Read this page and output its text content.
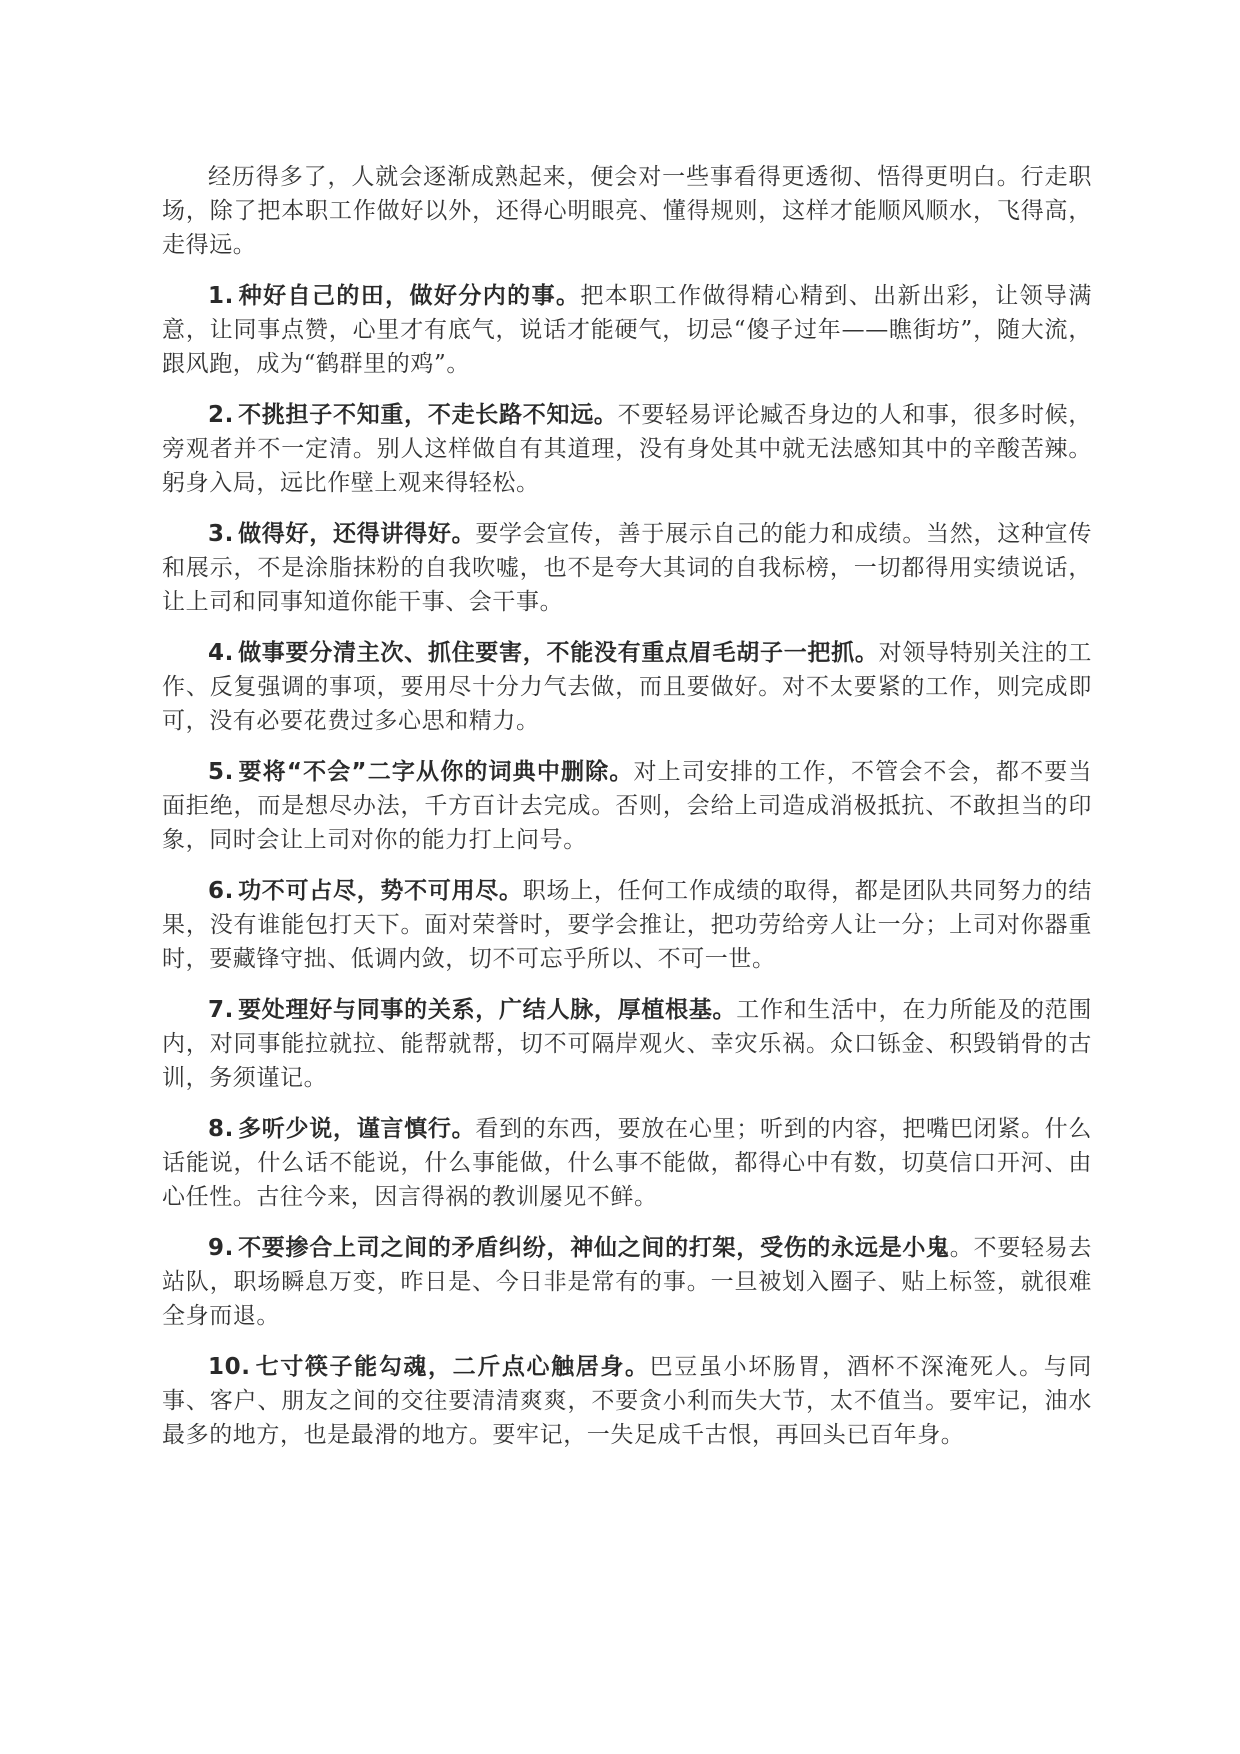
经历得多了，人就会逐渐成熟起来，便会对一些事看得更透彻、悟得更明白。行走职场，除了把本职工作做好以外，还得心明眼亮、懂得规则，这样才能顺风顺水，飞得高，走得远。

1. 种好自己的田，做好分内的事。把本职工作做得精心精到、出新出彩，让领导满意，让同事点赞，心里才有底气，说话才能硬气，切忌“傻子过年——瞧街坊”，随大流，跟风跑，成为“鹤群里的鸡”。

2. 不挑担子不知重，不走长路不知远。不要轻易评论臧否身边的人和事，很多时候，旁观者并不一定清。别人这样做自有其道理，没有身处其中就无法感知其中的辛酸苦辣。躬身入局，远比作壁上观来得轻松。

3. 做得好，还得讲得好。要学会宣传，善于展示自己的能力和成绩。当然，这种宣传和展示，不是涂脂抹粉的自我吹嘘，也不是夸大其词的自我标榜，一切都得用实绩说话，让上司和同事知道你能干事、会干事。

4. 做事要分清主次、抓住要害，不能没有重点眉毛胡子一把抓。对领导特别关注的工作、反复强调的事项，要用尽十分力气去做，而且要做好。对不太要紧的工作，则完成即可，没有必要花费过多心思和精力。

5. 要将“不会”二字从你的词典中删除。对上司安排的工作，不管会不会，都不要当面拒绝，而是想尽办法，千方百计去完成。否则，会给上司造成消极抵抗、不敢担当的印象，同时会让上司对你的能力打上问号。

6. 功不可占尽，势不可用尽。职场上，任何工作成绩的取得，都是团队共同努力的结果，没有谁能包打天下。面对荣誉时，要学会推让，把功劳给旁人让一分；上司对你器重时，要藏锋守拙、低调内敛，切不可忘乎所以、不可一世。

7. 要处理好与同事的关系，广结人脉，厚植根基。工作和生活中，在力所能及的范围内，对同事能拉就拉、能帮就帮，切不可隔岸观火、幸灾乐祸。众口铄金、积毁销骨的古训，务须谨记。

8. 多听少说，谨言慎行。看到的东西，要放在心里；听到的内容，把嘴巴闭紧。什么话能说，什么话不能说，什么事能做，什么事不能做，都得心中有数，切莫信口开河、由心任性。古往今来，因言得祸的教训屡见不鲜。

9. 不要掺合上司之间的矛盾纠纷，神仙之间的打架，受伤的永远是小鬼。不要轻易去站队，职场瞬息万变，昨日是、今日非是常有的事。一旦被划入圈子、贴上标签，就很难全身而退。

10. 七寸筷子能勾魂，二斤点心触居身。巴豆虽小坏肠胃，酒杯不深淹死人。与同事、客户、朋友之间的交往要清清爽爽，不要贪小利而失大节，太不值当。要牢记，油水最多的地方，也是最滑的地方。要牢记，一失足成千古恨，再回头已百年身。
